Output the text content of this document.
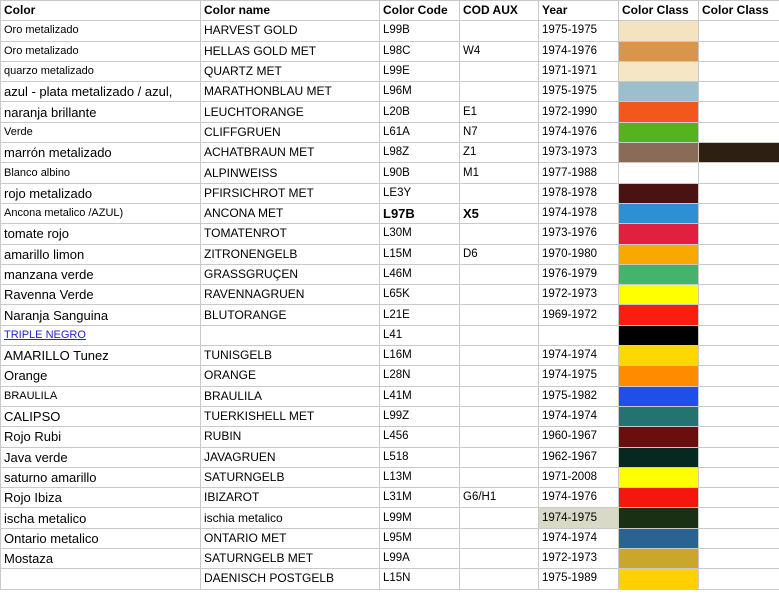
Color	Color name	Color Code	COD AUX	Year	Color Class	Color Class
Oro metalizado	HARVEST GOLD	L99B		1975-1975		
Oro metalizado	HELLAS GOLD MET	L98C	W4	1974-1976		
quarzo metalizado	QUARTZ MET	L99E		1971-1971		
azul - plata metalizado / azul,	MARATHONBLAU MET	L96M		1975-1975		
naranja brillante	LEUCHTORANGE	L20B	E1	1972-1990		
Verde	CLIFFGRUEN	L61A	N7	1974-1976		
marrón metalizado	ACHATBRAUN MET	L98Z	Z1	1973-1973		
Blanco albino	ALPINWEISS	L90B	M1	1977-1988		
rojo metalizado	PFIRSICHROT MET	LE3Y		1978-1978		
Ancona metalico /AZUL)	ANCONA MET	L97B	X5	1974-1978		
tomate rojo	TOMATENROT	L30M		1973-1976		
amarillo limon	ZITRONENGELB	L15M	D6	1970-1980		
manzana verde	GRASSGRUÇEN	L46M		1976-1979		
Ravenna Verde	RAVENNAGRUEN	L65K		1972-1973		
Naranja Sanguina	BLUTORANGE	L21E		1969-1972		
TRIPLE NEGRO		L41				
AMARILLO Tunez	TUNISGELB	L16M		1974-1974		
Orange	ORANGE	L28N		1974-1975		
BRAULILA	BRAULILA	L41M		1975-1982		
CALIPSO	TUERKISHELL MET	L99Z		1974-1974		
Rojo Rubi	RUBIN	L456		1960-1967		
Java verde	JAVAGRUEN	L518		1962-1967		
saturno amarillo	SATURNGELB	L13M		1971-2008		
Rojo Ibiza	IBIZAROT	L31M	G6/H1	1974-1976		
ischa metalico	ischia metalico	L99M		1974-1975		
Ontario metalico	ONTARIO MET	L95M		1974-1974		
Mostaza	SATURNGELB MET	L99A		1972-1973		
	DAENISCH POSTGELB	L15N		1975-1989		
